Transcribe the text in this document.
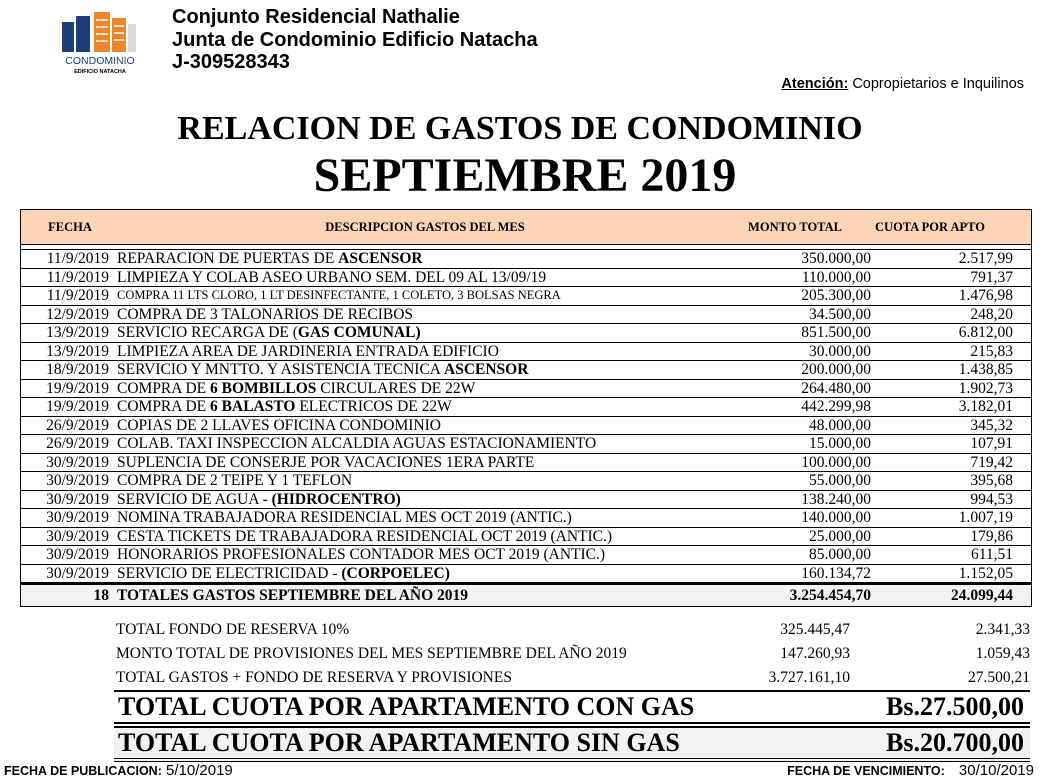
CONDOMINIO
EDIFICIO NATACHA
Conjunto Residencial Nathalie
Junta de Condominio Edificio Natacha
J-309528343
Atención: Copropietarios e Inquilinos
RELACION DE GASTOS DE CONDOMINIO
SEPTIEMBRE 2019
FECHA	DESCRIPCION GASTOS DEL MES	MONTO TOTAL	CUOTA POR APTO
11/9/2019 REPARACION DE PUERTAS DE ASCENSOR	350.000,00	2.517,99
11/9/2019 LIMPIEZA Y COLAB ASEO URBANO SEM. DEL 09 AL 13/09/19	110.000,00	791,37
11/9/2019 COMPRA 11 LTS CLORO, 1 LT DESINFECTANTE, 1 COLETO, 3 BOLSAS NEGRA	205.300,00	1.476,98
12/9/2019 COMPRA DE 3 TALONARIOS DE RECIBOS	34.500,00	248,20
13/9/2019 SERVICIO RECARGA DE (GAS COMUNAL)	851.500,00	6.812,00
13/9/2019 LIMPIEZA AREA DE JARDINERIA ENTRADA EDIFICIO	30.000,00	215,83
18/9/2019 SERVICIO Y MNTTO. Y ASISTENCIA TECNICA ASCENSOR	200.000,00	1.438,85
19/9/2019 COMPRA DE 6 BOMBILLOS CIRCULARES DE 22W	264.480,00	1.902,73
19/9/2019 COMPRA DE 6 BALASTO ELECTRICOS DE 22W	442.299,98	3.182,01
26/9/2019 COPIAS DE 2 LLAVES OFICINA CONDOMINIO	48.000,00	345,32
26/9/2019 COLAB. TAXI INSPECCION ALCALDIA AGUAS ESTACIONAMIENTO	15.000,00	107,91
30/9/2019 SUPLENCIA DE CONSERJE POR VACACIONES 1ERA PARTE	100.000,00	719,42
30/9/2019 COMPRA DE 2 TEIPE Y 1 TEFLON	55.000,00	395,68
30/9/2019 SERVICIO DE AGUA - (HIDROCENTRO)	138.240,00	994,53
30/9/2019 NOMINA TRABAJADORA RESIDENCIAL MES OCT 2019 (ANTIC.)	140.000,00	1.007,19
30/9/2019 CESTA TICKETS DE TRABAJADORA RESIDENCIAL OCT 2019 (ANTIC.)	25.000,00	179,86
30/9/2019 HONORARIOS PROFESIONALES CONTADOR MES OCT 2019 (ANTIC.)	85.000,00	611,51
30/9/2019 SERVICIO DE ELECTRICIDAD - (CORPOELEC)	160.134,72	1.152,05
18 TOTALES GASTOS SEPTIEMBRE DEL AÑO 2019	3.254.454,70	24.099,44
TOTAL FONDO DE RESERVA 10%	325.445,47	2.341,33
MONTO TOTAL DE PROVISIONES DEL MES SEPTIEMBRE DEL AÑO 2019	147.260,93	1.059,43
TOTAL GASTOS + FONDO DE RESERVA Y PROVISIONES	3.727.161,10	27.500,21
TOTAL CUOTA POR APARTAMENTO CON GAS	Bs.27.500,00
TOTAL CUOTA POR APARTAMENTO SIN GAS	Bs.20.700,00
FECHA DE PUBLICACION: 5/10/2019	FECHA DE VENCIMIENTO: 30/10/2019
